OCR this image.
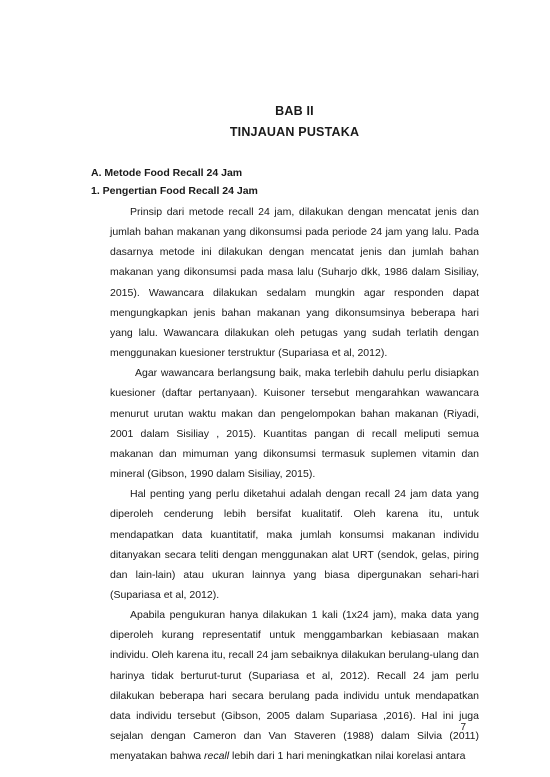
BAB II
TINJAUAN PUSTAKA
A. Metode Food Recall 24 Jam
1. Pengertian Food Recall 24 Jam

Prinsip dari metode recall 24 jam, dilakukan dengan mencatat jenis dan jumlah bahan makanan yang dikonsumsi pada periode 24 jam yang lalu. Pada dasarnya metode ini dilakukan dengan mencatat jenis dan jumlah bahan makanan yang dikonsumsi pada masa lalu (Suharjo dkk, 1986 dalam Sisiliay, 2015). Wawancara dilakukan sedalam mungkin agar responden dapat mengungkapkan jenis bahan makanan yang dikonsumsinya beberapa hari yang lalu. Wawancara dilakukan oleh petugas yang sudah terlatih dengan menggunakan kuesioner terstruktur (Supariasa et al, 2012).

Agar wawancara berlangsung baik, maka terlebih dahulu perlu disiapkan kuesioner (daftar pertanyaan). Kuisoner tersebut mengarahkan wawancara menurut urutan waktu makan dan pengelompokan bahan makanan (Riyadi, 2001 dalam Sisiliay , 2015). Kuantitas pangan di recall meliputi semua makanan dan mimuman yang dikonsumsi termasuk suplemen vitamin dan mineral (Gibson, 1990 dalam Sisiliay, 2015).

Hal penting yang perlu diketahui adalah dengan recall 24 jam data yang diperoleh cenderung lebih bersifat kualitatif. Oleh karena itu, untuk mendapatkan data kuantitatif, maka jumlah konsumsi makanan individu ditanyakan secara teliti dengan menggunakan alat URT (sendok, gelas, piring dan lain-lain) atau ukuran lainnya yang biasa dipergunakan sehari-hari (Supariasa et al, 2012).

Apabila pengukuran hanya dilakukan 1 kali (1x24 jam), maka data yang diperoleh kurang representatif untuk menggambarkan kebiasaan makan individu. Oleh karena itu, recall 24 jam sebaiknya dilakukan berulang-ulang dan harinya tidak berturut-turut (Supariasa et al, 2012). Recall 24 jam perlu dilakukan beberapa hari secara berulang pada individu untuk mendapatkan data individu tersebut (Gibson, 2005 dalam Supariasa ,2016). Hal ini juga sejalan dengan Cameron dan Van Staveren (1988) dalam Silvia (2011) menyatakan bahwa recall lebih dari 1 hari meningkatkan nilai korelasi antara

7
